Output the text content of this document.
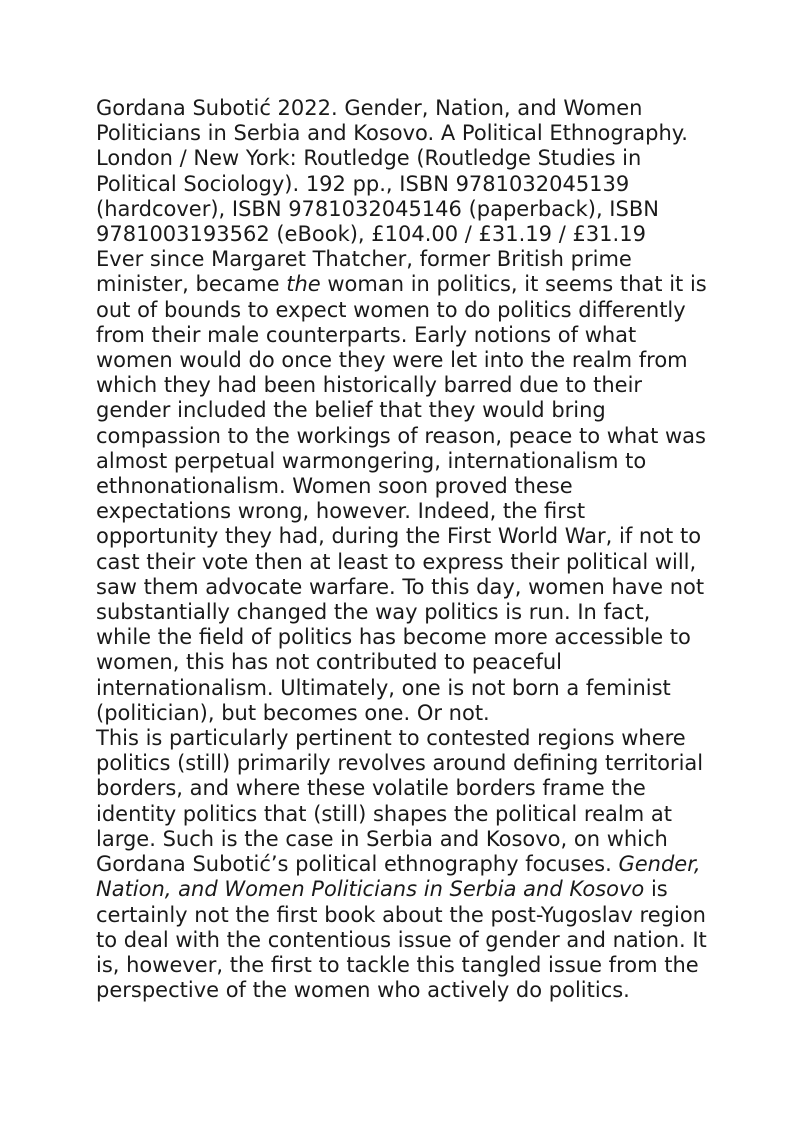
Gordana Subotić 2022. Gender, Nation, and Women Politicians in Serbia and Kosovo. A Political Ethnography. London / New York: Routledge (Routledge Studies in Political Sociology). 192 pp., ISBN 9781032045139 (hardcover), ISBN 9781032045146 (paperback), ISBN 9781003193562 (eBook), £104.00 / £31.19 / £31.19

Ever since Margaret Thatcher, former British prime minister, became the woman in politics, it seems that it is out of bounds to expect women to do politics differently from their male counterparts. Early notions of what women would do once they were let into the realm from which they had been historically barred due to their gender included the belief that they would bring compassion to the workings of reason, peace to what was almost perpetual warmongering, internationalism to ethnonationalism. Women soon proved these expectations wrong, however. Indeed, the first opportunity they had, during the First World War, if not to cast their vote then at least to express their political will, saw them advocate warfare. To this day, women have not substantially changed the way politics is run. In fact, while the field of politics has become more accessible to women, this has not contributed to peaceful internationalism. Ultimately, one is not born a feminist (politician), but becomes one. Or not.

This is particularly pertinent to contested regions where politics (still) primarily revolves around defining territorial borders, and where these volatile borders frame the identity politics that (still) shapes the political realm at large. Such is the case in Serbia and Kosovo, on which Gordana Subotić’s political ethnography focuses. Gender, Nation, and Women Politicians in Serbia and Kosovo is certainly not the first book about the post-Yugoslav region to deal with the contentious issue of gender and nation. It is, however, the first to tackle this tangled issue from the perspective of the women who actively do politics.
